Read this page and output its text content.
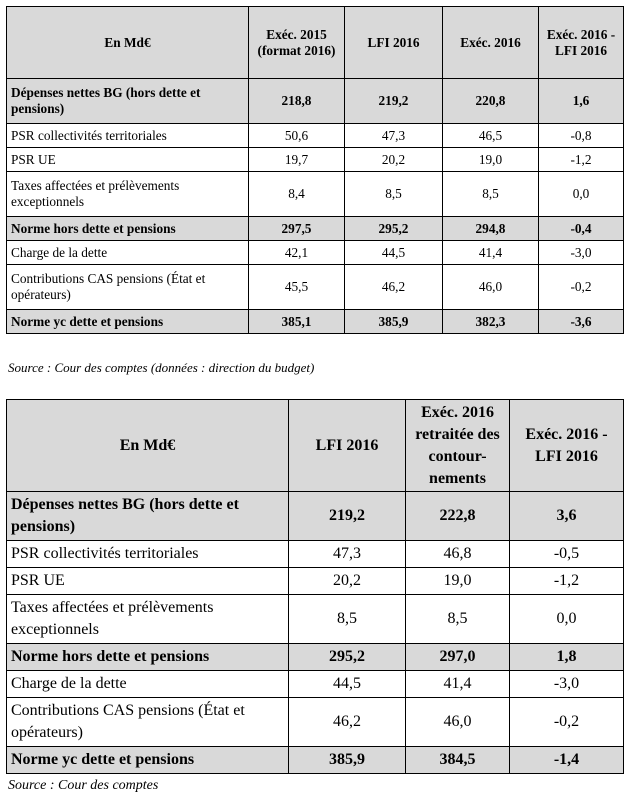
En Md€	Exéc. 2015 (format 2016)	LFI 2016	Exéc. 2016	Exéc. 2016 - LFI 2016
Dépenses nettes BG (hors dette et pensions)	218,8	219,2	220,8	1,6
PSR collectivités territoriales	50,6	47,3	46,5	-0,8
PSR UE	19,7	20,2	19,0	-1,2
Taxes affectées et prélèvements exceptionnels	8,4	8,5	8,5	0,0
Norme hors dette et pensions	297,5	295,2	294,8	-0,4
Charge de la dette	42,1	44,5	41,4	-3,0
Contributions CAS pensions (État et opérateurs)	45,5	46,2	46,0	-0,2
Norme yc dette et pensions	385,1	385,9	382,3	-3,6
Source : Cour des comptes (données : direction du budget)
En Md€	LFI 2016	Exéc. 2016 retraitée des contour-nements	Exéc. 2016 - LFI 2016
Dépenses nettes BG (hors dette et pensions)	219,2	222,8	3,6
PSR collectivités territoriales	47,3	46,8	-0,5
PSR UE	20,2	19,0	-1,2
Taxes affectées et prélèvements exceptionnels	8,5	8,5	0,0
Norme hors dette et pensions	295,2	297,0	1,8
Charge de la dette	44,5	41,4	-3,0
Contributions CAS pensions (État et opérateurs)	46,2	46,0	-0,2
Norme yc dette et pensions	385,9	384,5	-1,4
Source : Cour des comptes
